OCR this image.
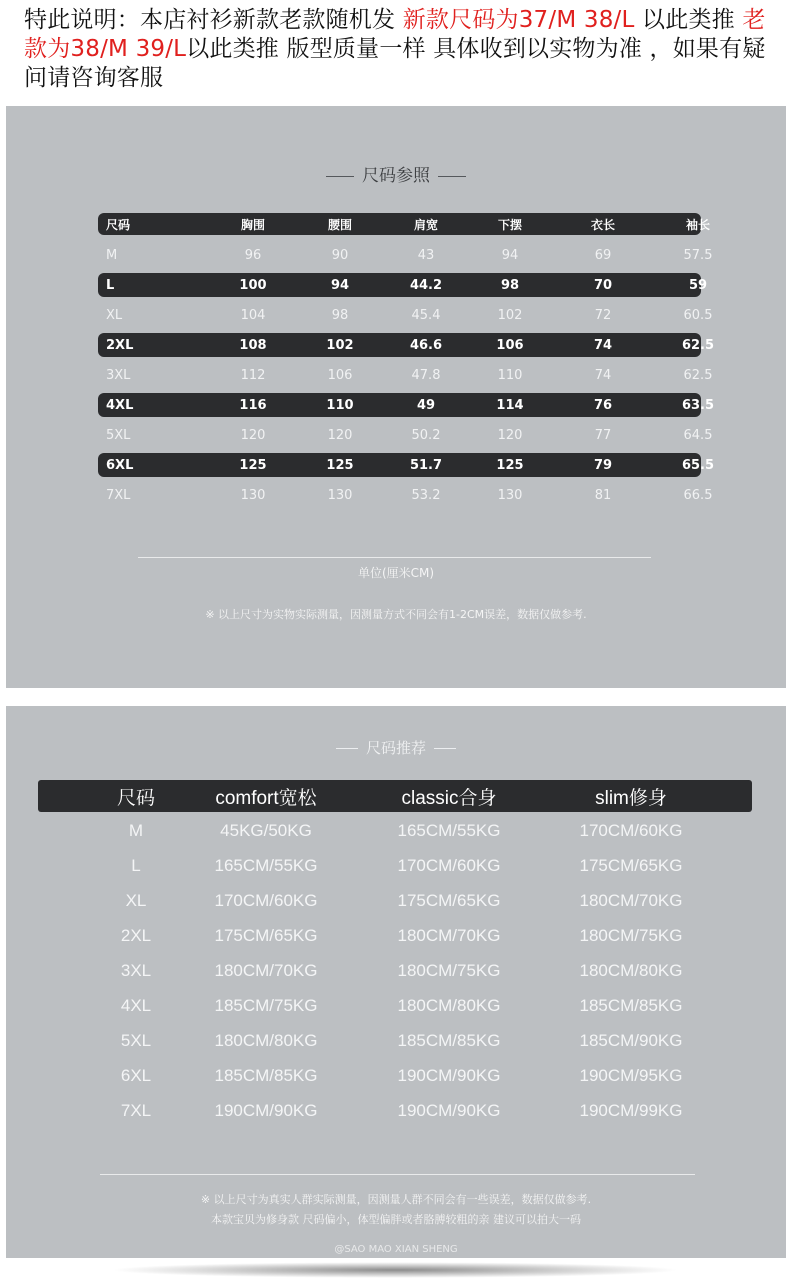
特此说明：本店衬衫新款老款随机发 新款尺码为37/M 38/L 以此类推 老款为38/M 39/L以此类推 版型质量一样 具体收到以实物为准 ，如果有疑问请咨询客服
尺码参照
尺码	胸围	腰围	肩宽	下摆	衣长	袖长
M	96	90	43	94	69	57.5
L	100	94	44.2	98	70	59
XL	104	98	45.4	102	72	60.5
2XL	108	102	46.6	106	74	62.5
3XL	112	106	47.8	110	74	62.5
4XL	116	110	49	114	76	63.5
5XL	120	120	50.2	120	77	64.5
6XL	125	125	51.7	125	79	65.5
7XL	130	130	53.2	130	81	66.5
单位(厘米CM)
※ 以上尺寸为实物实际测量，因测量方式不同会有1-2CM误差，数据仅做参考.
尺码推荐
尺码	comfort宽松	classic合身	slim修身
M	45KG/50KG	165CM/55KG	170CM/60KG
L	165CM/55KG	170CM/60KG	175CM/65KG
XL	170CM/60KG	175CM/65KG	180CM/70KG
2XL	175CM/65KG	180CM/70KG	180CM/75KG
3XL	180CM/70KG	180CM/75KG	180CM/80KG
4XL	185CM/75KG	180CM/80KG	185CM/85KG
5XL	180CM/80KG	185CM/85KG	185CM/90KG
6XL	185CM/85KG	190CM/90KG	190CM/95KG
7XL	190CM/90KG	190CM/90KG	190CM/99KG
※ 以上尺寸为真实人群实际测量，因测量人群不同会有一些误差，数据仅做参考.
本款宝贝为修身款 尺码偏小，体型偏胖或者胳膊较粗的亲 建议可以拍大一码
@SAO MAO XIAN SHENG
